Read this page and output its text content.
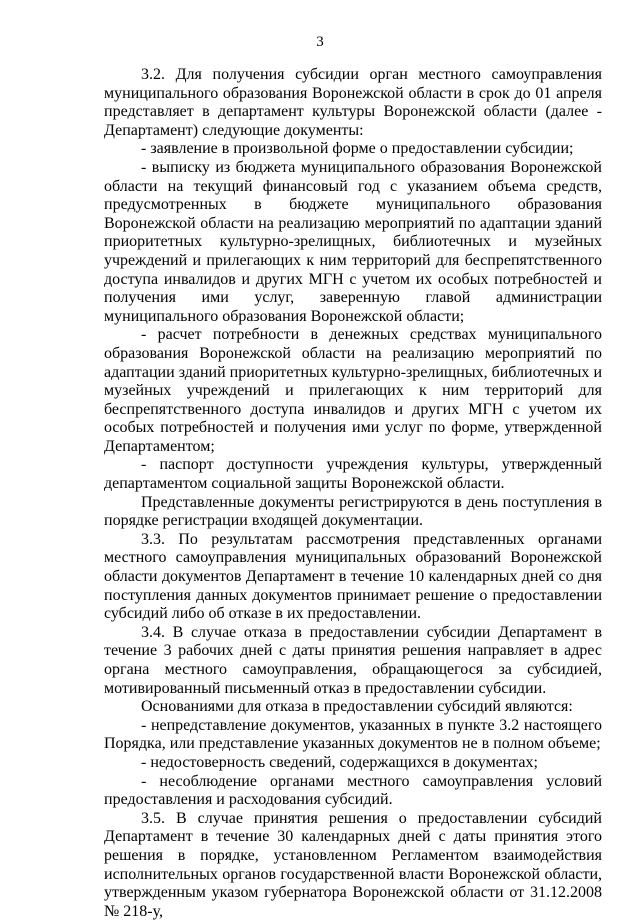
3

3.2. Для получения субсидии орган местного самоуправления муниципального образования Воронежской области в срок до 01 апреля представляет в департамент культуры Воронежской области (далее - Департамент) следующие документы:

- заявление в произвольной форме о предоставлении субсидии;

- выписку из бюджета муниципального образования Воронежской области на текущий финансовый год с указанием объема средств, предусмотренных в бюджете муниципального образования Воронежской области на реализацию мероприятий по адаптации зданий приоритетных культурно-зрелищных, библиотечных и музейных учреждений и прилегающих к ним территорий для беспрепятственного доступа инвалидов и других МГН с учетом их особых потребностей и получения ими услуг, заверенную главой администрации муниципального образования Воронежской области;

- расчет потребности в денежных средствах муниципального образования Воронежской области на реализацию мероприятий по адаптации зданий приоритетных культурно-зрелищных, библиотечных и музейных учреждений и прилегающих к ним территорий для беспрепятственного доступа инвалидов и других МГН с учетом их особых потребностей и получения ими услуг по форме, утвержденной Департаментом;

- паспорт доступности учреждения культуры, утвержденный департаментом социальной защиты Воронежской области.

Представленные документы регистрируются в день поступления в порядке регистрации входящей документации.

3.3. По результатам рассмотрения представленных органами местного самоуправления муниципальных образований Воронежской области документов Департамент в течение 10 календарных дней со дня поступления данных документов принимает решение о предоставлении субсидий либо об отказе в их предоставлении.

3.4. В случае отказа в предоставлении субсидии Департамент в течение 3 рабочих дней с даты принятия решения направляет в адрес органа местного самоуправления, обращающегося за субсидией, мотивированный письменный отказ в предоставлении субсидии.

Основаниями для отказа в предоставлении субсидий являются:

- непредставление документов, указанных в пункте 3.2 настоящего Порядка, или представление указанных документов не в полном объеме;

- недостоверность сведений, содержащихся в документах;

- несоблюдение органами местного самоуправления условий предоставления и расходования субсидий.

3.5. В случае принятия решения о предоставлении субсидий Департамент в течение 30 календарных дней с даты принятия этого решения в порядке, установленном Регламентом взаимодействия исполнительных органов государственной власти Воронежской области, утвержденным указом губернатора Воронежской области от 31.12.2008 № 218-у,
